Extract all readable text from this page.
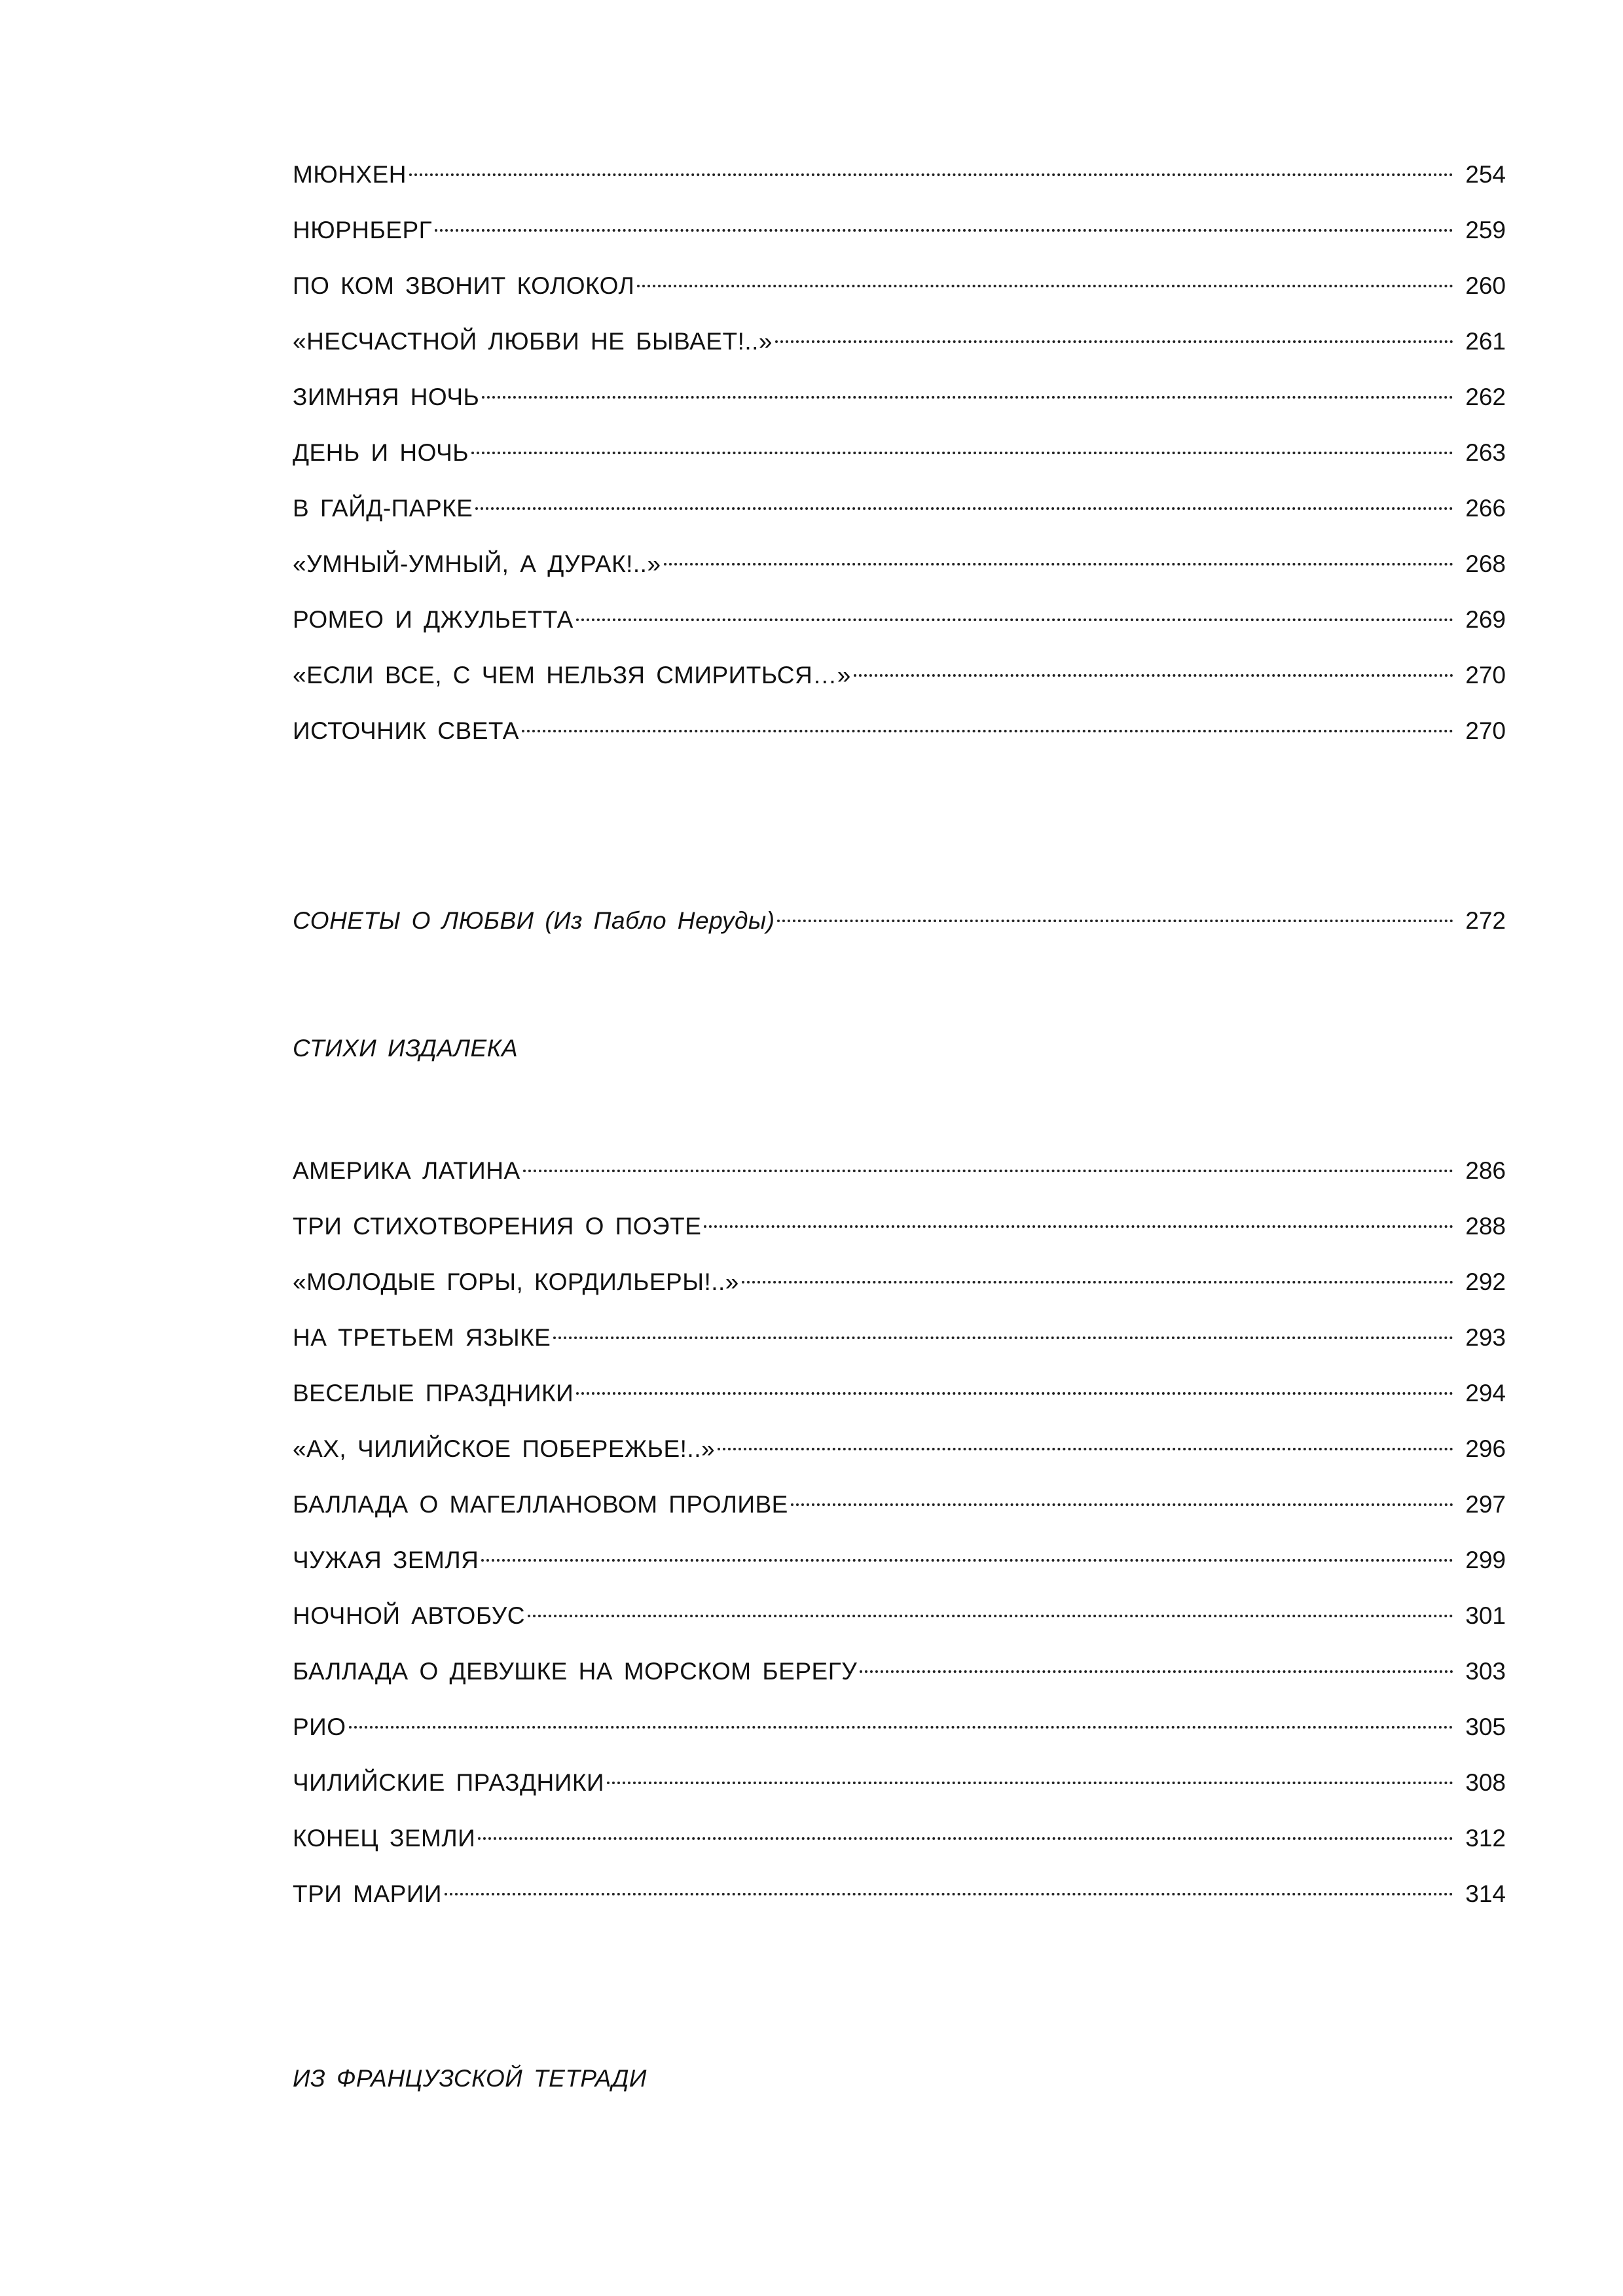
МЮНХЕН	254
НЮРНБЕРГ	259
ПО КОМ ЗВОНИТ КОЛОКОЛ	260
«НЕСЧАСТНОЙ ЛЮБВИ НЕ БЫВАЕТ!..»	261
ЗИМНЯЯ НОЧЬ	262
ДЕНЬ И НОЧЬ	263
В ГАЙД-ПАРКЕ	266
«УМНЫЙ-УМНЫЙ, А ДУРАК!..»	268
РОМЕО И ДЖУЛЬЕТТА	269
«ЕСЛИ ВСЕ, С ЧЕМ НЕЛЬЗЯ СМИРИТЬСЯ…»	270
ИСТОЧНИК СВЕТА	270
СОНЕТЫ О ЛЮБВИ (Из Пабло Неруды)	272
СТИХИ ИЗДАЛЕКА
АМЕРИКА ЛАТИНА	286
ТРИ СТИХОТВОРЕНИЯ О ПОЭТЕ	288
«МОЛОДЫЕ ГОРЫ, КОРДИЛЬЕРЫ!..»	292
НА ТРЕТЬЕМ ЯЗЫКЕ	293
ВЕСЕЛЫЕ ПРАЗДНИКИ	294
«АХ, ЧИЛИЙСКОЕ ПОБЕРЕЖЬЕ!..»	296
БАЛЛАДА О МАГЕЛЛАНОВОМ ПРОЛИВЕ	297
ЧУЖАЯ ЗЕМЛЯ	299
НОЧНОЙ АВТОБУС	301
БАЛЛАДА О ДЕВУШКЕ НА МОРСКОМ БЕРЕГУ	303
РИО	305
ЧИЛИЙСКИЕ ПРАЗДНИКИ	308
КОНЕЦ ЗЕМЛИ	312
ТРИ МАРИИ	314
ИЗ ФРАНЦУЗСКОЙ ТЕТРАДИ
